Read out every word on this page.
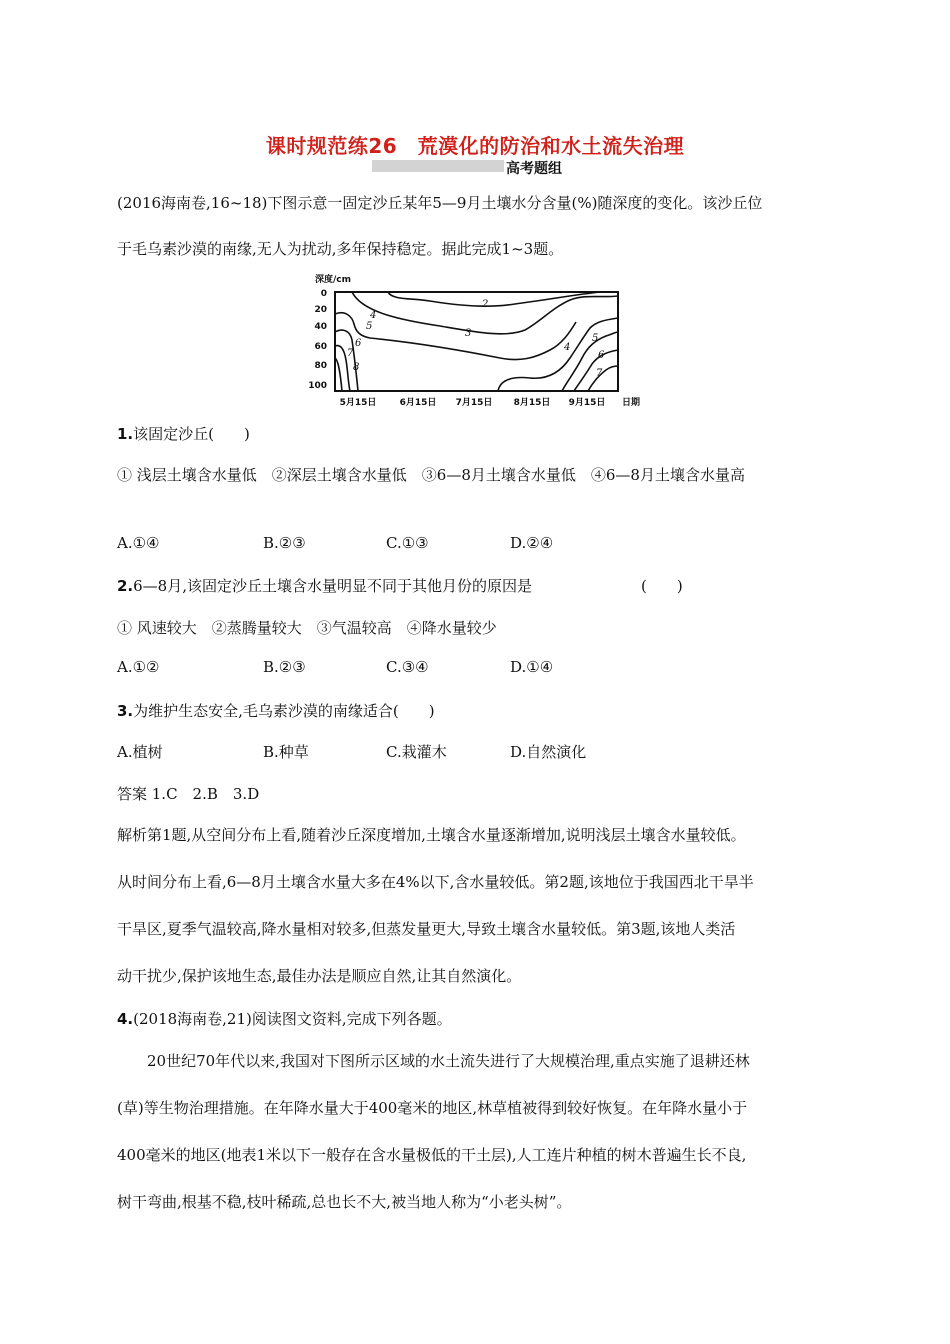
课时规范练26　荒漠化的防治和水土流失治理
高考题组
(2016海南卷,16~18)下图示意一固定沙丘某年5—9月土壤水分含量(%)随深度的变化。该沙丘位
于毛乌素沙漠的南缘,无人为扰动,多年保持稳定。据此完成1~3题。
深度/cm
0
20
40
60
80
100
2
3
4
5
6
7
4
5
6
7
8
5月15日	6月15日 7月15日 8月15日 9月15日 日期
1.该固定沙丘(　　)
① 浅层土壤含水量低　②深层土壤含水量低　③6—8月土壤含水量低　④6—8月土壤含水量高
A.①④	B.②③	C.①③	D.②④
2.6—8月,该固定沙丘土壤含水量明显不同于其他月份的原因是	(　　)
① 风速较大　②蒸腾量较大　③气温较高　④降水量较少
A.①②	B.②③	C.③④	D.①④
3.为维护生态安全,毛乌素沙漠的南缘适合(　　)
A.植树	B.种草	C.栽灌木	D.自然演化
答案 1.C　2.B　3.D
解析第1题,从空间分布上看,随着沙丘深度增加,土壤含水量逐渐增加,说明浅层土壤含水量较低。
从时间分布上看,6—8月土壤含水量大多在4%以下,含水量较低。第2题,该地位于我国西北干旱半
干旱区,夏季气温较高,降水量相对较多,但蒸发量更大,导致土壤含水量较低。第3题,该地人类活
动干扰少,保护该地生态,最佳办法是顺应自然,让其自然演化。
4.(2018海南卷,21)阅读图文资料,完成下列各题。
20世纪70年代以来,我国对下图所示区域的水土流失进行了大规模治理,重点实施了退耕还林
(草)等生物治理措施。在年降水量大于400毫米的地区,林草植被得到较好恢复。在年降水量小于
400毫米的地区(地表1米以下一般存在含水量极低的干土层),人工连片种植的树木普遍生长不良,
树干弯曲,根基不稳,枝叶稀疏,总也长不大,被当地人称为“小老头树”。
